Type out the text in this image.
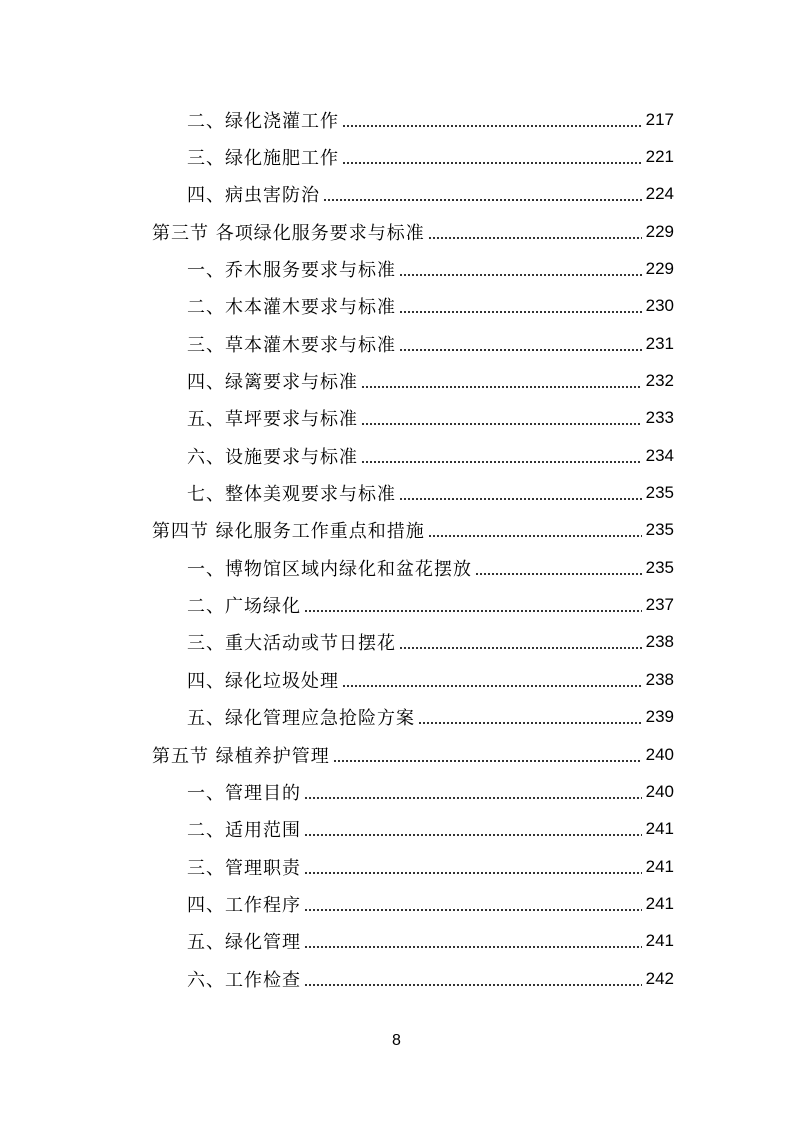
二、绿化浇灌工作	217
三、绿化施肥工作	221
四、病虫害防治	224
第三节 各项绿化服务要求与标准	229
一、乔木服务要求与标准	229
二、木本灌木要求与标准	230
三、草本灌木要求与标准	231
四、绿篱要求与标准	232
五、草坪要求与标准	233
六、设施要求与标准	234
七、整体美观要求与标准	235
第四节 绿化服务工作重点和措施	235
一、博物馆区域内绿化和盆花摆放	235
二、广场绿化	237
三、重大活动或节日摆花	238
四、绿化垃圾处理	238
五、绿化管理应急抢险方案	239
第五节 绿植养护管理	240
一、管理目的	240
二、适用范围	241
三、管理职责	241
四、工作程序	241
五、绿化管理	241
六、工作检查	242
8
